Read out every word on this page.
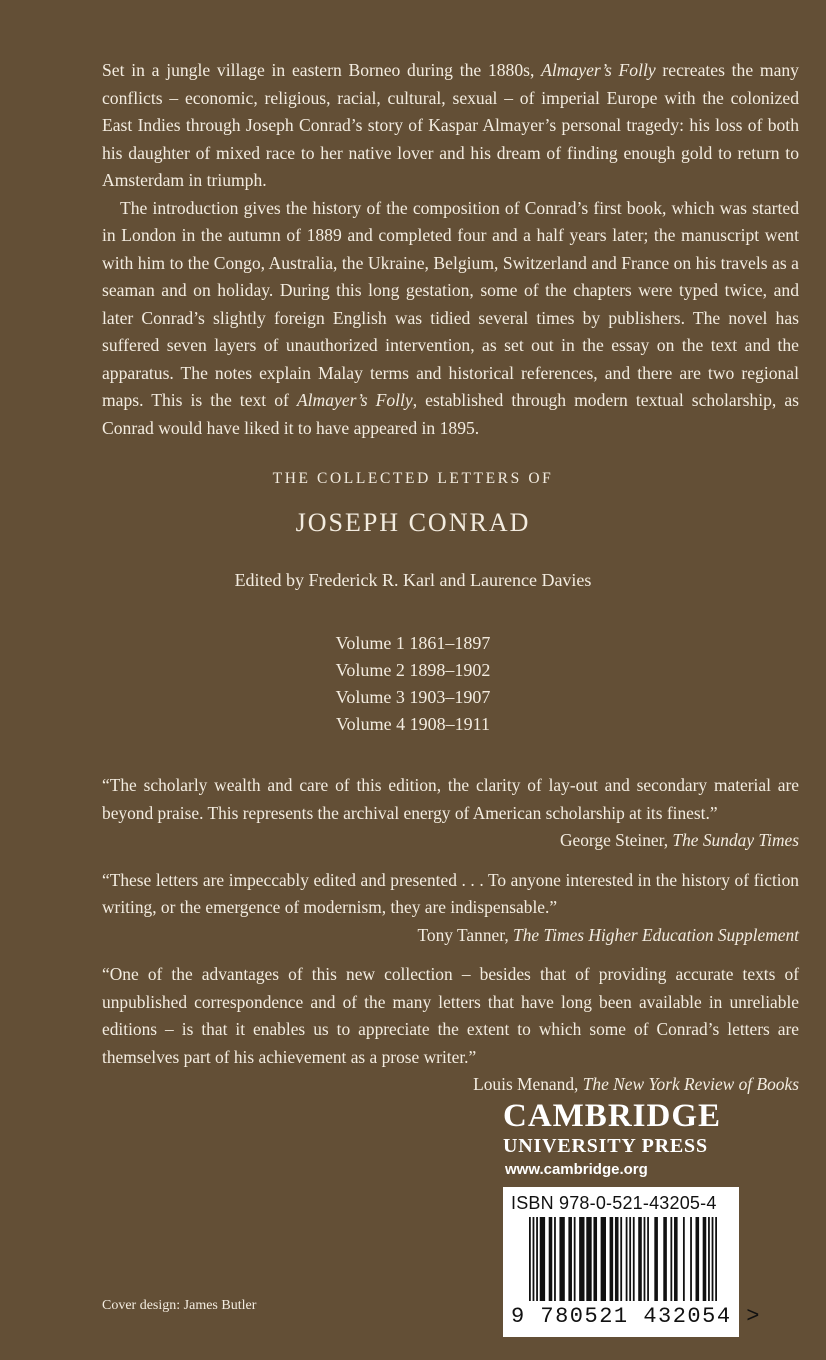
Set in a jungle village in eastern Borneo during the 1880s, Almayer’s Folly recreates the many conflicts – economic, religious, racial, cultural, sexual – of imperial Europe with the colonized East Indies through Joseph Conrad’s story of Kaspar Almayer’s personal tragedy: his loss of both his daughter of mixed race to her native lover and his dream of finding enough gold to return to Amsterdam in triumph.

The introduction gives the history of the composition of Conrad’s first book, which was started in London in the autumn of 1889 and completed four and a half years later; the manuscript went with him to the Congo, Australia, the Ukraine, Belgium, Switzerland and France on his travels as a seaman and on holiday. During this long gestation, some of the chapters were typed twice, and later Conrad’s slightly foreign English was tidied several times by publishers. The novel has suffered seven layers of unauthorized intervention, as set out in the essay on the text and the apparatus. The notes explain Malay terms and historical references, and there are two regional maps. This is the text of Almayer’s Folly, established through modern textual scholarship, as Conrad would have liked it to have appeared in 1895.

THE COLLECTED LETTERS OF

JOSEPH CONRAD

Edited by Frederick R. Karl and Laurence Davies

Volume 1 1861–1897
Volume 2 1898–1902
Volume 3 1903–1907
Volume 4 1908–1911

“The scholarly wealth and care of this edition, the clarity of lay-out and secondary material are beyond praise. This represents the archival energy of American scholarship at its finest.”

George Steiner, The Sunday Times

“These letters are impeccably edited and presented . . . To anyone interested in the history of fiction writing, or the emergence of modernism, they are indispensable.”

Tony Tanner, The Times Higher Education Supplement

“One of the advantages of this new collection – besides that of providing accurate texts of unpublished correspondence and of the many letters that have long been available in unreliable editions – is that it enables us to appreciate the extent to which some of Conrad’s letters are themselves part of his achievement as a prose writer.”

Louis Menand, The New York Review of Books

CAMBRIDGE

UNIVERSITY PRESS

www.cambridge.org

ISBN 978-0-521-43205-4
9 780521 432054 >

Cover design: James Butler
